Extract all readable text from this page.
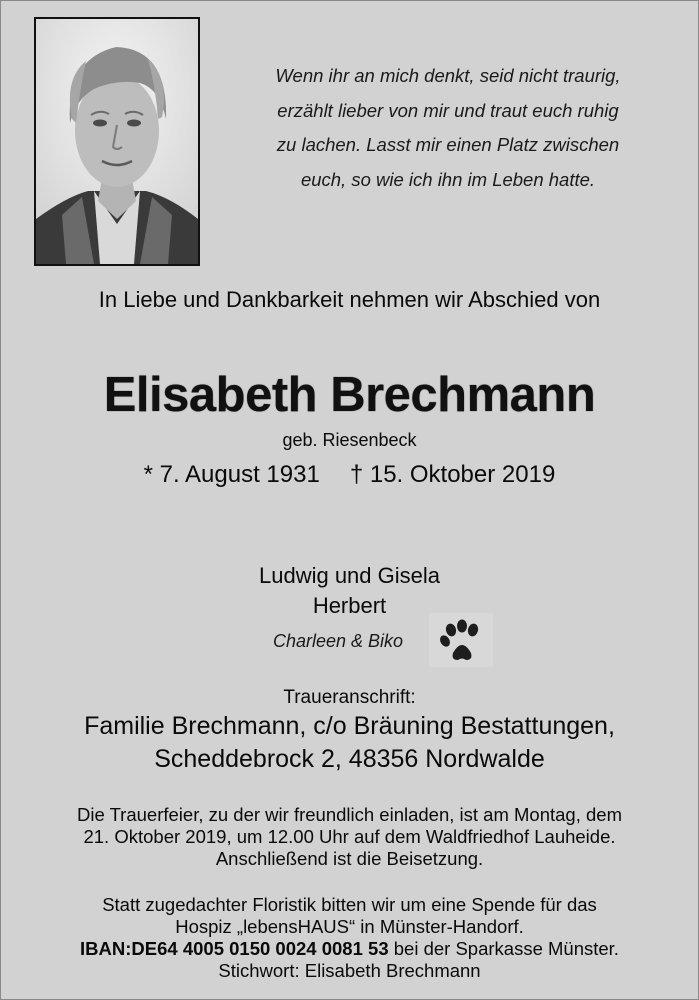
Wenn ihr an mich denkt, seid nicht traurig,
erzählt lieber von mir und traut euch ruhig
zu lachen. Lasst mir einen Platz zwischen
euch, so wie ich ihn im Leben hatte.
In Liebe und Dankbarkeit nehmen wir Abschied von
Elisabeth Brechmann
geb. Riesenbeck
* 7. August 1931 † 15. Oktober 2019
Ludwig und Gisela
Herbert
Charleen & Biko
Traueranschrift:
Familie Brechmann, c/o Bräuning Bestattungen,
Scheddebrock 2, 48356 Nordwalde
Die Trauerfeier, zu der wir freundlich einladen, ist am Montag, dem
21. Oktober 2019, um 12.00 Uhr auf dem Waldfriedhof Lauheide.
Anschließend ist die Beisetzung.
Statt zugedachter Floristik bitten wir um eine Spende für das
Hospiz „lebensHAUS“ in Münster-Handorf.
IBAN:DE64 4005 0150 0024 0081 53 bei der Sparkasse Münster.
Stichwort: Elisabeth Brechmann
